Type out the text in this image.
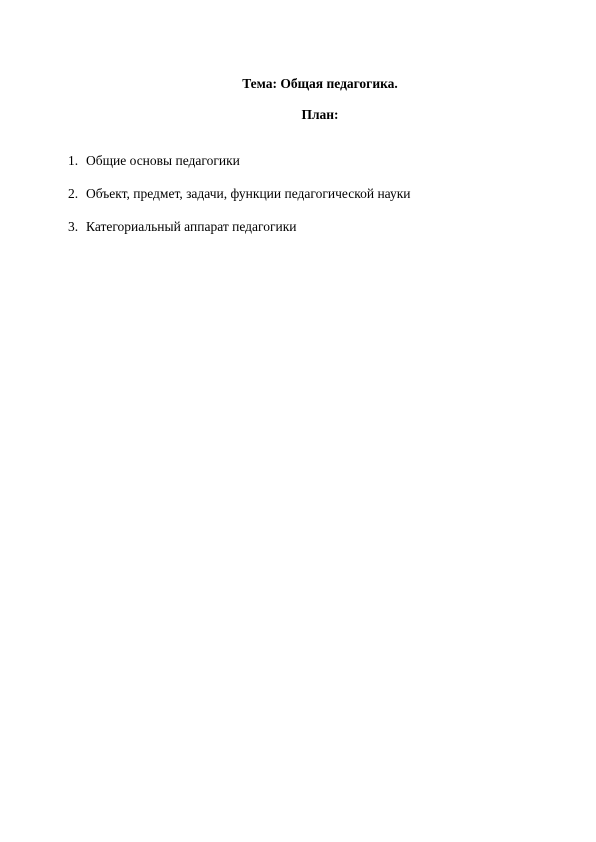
Тема: Общая педагогика.
План:
1. Общие основы педагогики
2. Объект, предмет, задачи, функции педагогической науки
3. Категориальный аппарат педагогики
